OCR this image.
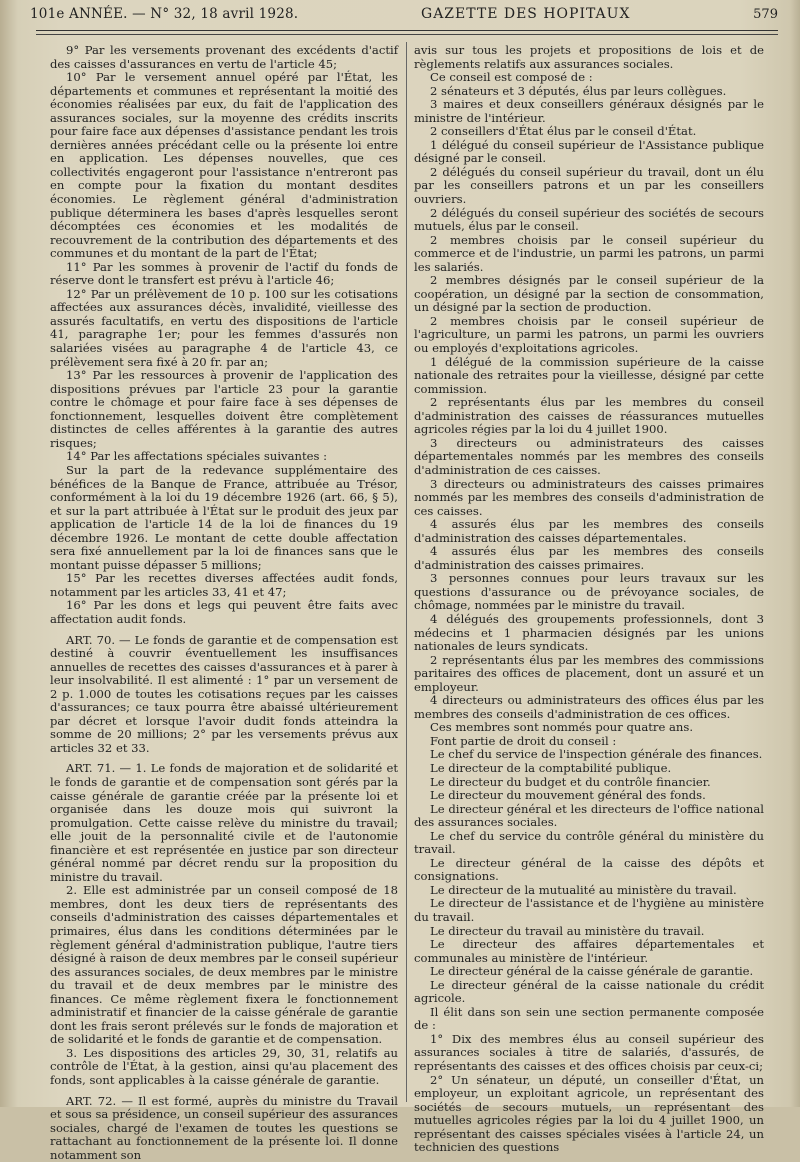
101e ANNÉE. — N° 32, 18 avril 1928.	GAZETTE DES HOPITAUX	579

9° Par les versements provenant des excédents d'actif des caisses d'assurances en vertu de l'article 45;

10° Par le versement annuel opéré par l'État, les départements et communes et représentant la moitié des économies réalisées par eux, du fait de l'application des assurances sociales, sur la moyenne des crédits inscrits pour faire face aux dépenses d'assistance pendant les trois dernières années précédant celle ou la présente loi entre en application. Les dépenses nouvelles, que ces collectivités engageront pour l'assistance n'entreront pas en compte pour la fixation du montant desdites économies. Le règlement général d'administration publique déterminera les bases d'après lesquelles seront décomptées ces économies et les modalités de recouvrement de la contribution des départements et des communes et du montant de la part de l'État;

11° Par les sommes à provenir de l'actif du fonds de réserve dont le transfert est prévu à l'article 46;

12° Par un prélèvement de 10 p. 100 sur les cotisations affectées aux assurances décès, invalidité, vieillesse des assurés facultatifs, en vertu des dispositions de l'article 41, paragraphe 1er; pour les femmes d'assurés non salariées visées au paragraphe 4 de l'article 43, ce prélèvement sera fixé à 20 fr. par an;

13° Par les ressources à provenir de l'application des dispositions prévues par l'article 23 pour la garantie contre le chômage et pour faire face à ses dépenses de fonctionnement, lesquelles doivent être complètement distinctes de celles afférentes à la garantie des autres risques;

14° Par les affectations spéciales suivantes :

Sur la part de la redevance supplémentaire des bénéfices de la Banque de France, attribuée au Trésor, conformément à la loi du 19 décembre 1926 (art. 66, § 5), et sur la part attribuée à l'État sur le produit des jeux par application de l'article 14 de la loi de finances du 19 décembre 1926. Le montant de cette double affectation sera fixé annuellement par la loi de finances sans que le montant puisse dépasser 5 millions;

15° Par les recettes diverses affectées audit fonds, notamment par les articles 33, 41 et 47;

16° Par les dons et legs qui peuvent être faits avec affectation audit fonds.

ART. 70. — Le fonds de garantie et de compensation est destiné à couvrir éventuellement les insuffisances annuelles de recettes des caisses d'assurances et à parer à leur insolvabilité. Il est alimenté : 1° par un versement de 2 p. 1.000 de toutes les cotisations reçues par les caisses d'assurances; ce taux pourra être abaissé ultérieurement par décret et lorsque l'avoir dudit fonds atteindra la somme de 20 millions; 2° par les versements prévus aux articles 32 et 33.

ART. 71. — 1. Le fonds de majoration et de solidarité et le fonds de garantie et de compensation sont gérés par la caisse générale de garantie créée par la présente loi et organisée dans les douze mois qui suivront la promulgation. Cette caisse relève du ministre du travail; elle jouit de la personnalité civile et de l'autonomie financière et est représentée en justice par son directeur général nommé par décret rendu sur la proposition du ministre du travail.

2. Elle est administrée par un conseil composé de 18 membres, dont les deux tiers de représentants des conseils d'administration des caisses départementales et primaires, élus dans les conditions déterminées par le règlement général d'administration publique, l'autre tiers désigné à raison de deux membres par le conseil supérieur des assurances sociales, de deux membres par le ministre du travail et de deux membres par le ministre des finances. Ce même règlement fixera le fonctionnement administratif et financier de la caisse générale de garantie dont les frais seront prélevés sur le fonds de majoration et de solidarité et le fonds de garantie et de compensation.

3. Les dispositions des articles 29, 30, 31, relatifs au contrôle de l'État, à la gestion, ainsi qu'au placement des fonds, sont applicables à la caisse générale de garantie.

ART. 72. — Il est formé, auprès du ministre du Travail et sous sa présidence, un conseil supérieur des assurances sociales, chargé de l'examen de toutes les questions se rattachant au fonctionnement de la présente loi. Il donne notamment son

avis sur tous les projets et propositions de lois et de règlements relatifs aux assurances sociales.

Ce conseil est composé de :

2 sénateurs et 3 députés, élus par leurs collègues.

3 maires et deux conseillers généraux désignés par le ministre de l'intérieur.

2 conseillers d'État élus par le conseil d'État.

1 délégué du conseil supérieur de l'Assistance publique désigné par le conseil.

2 délégués du conseil supérieur du travail, dont un élu par les conseillers patrons et un par les conseillers ouvriers.

2 délégués du conseil supérieur des sociétés de secours mutuels, élus par le conseil.

2 membres choisis par le conseil supérieur du commerce et de l'industrie, un parmi les patrons, un parmi les salariés.

2 membres désignés par le conseil supérieur de la coopération, un désigné par la section de consommation, un désigné par la section de production.

2 membres choisis par le conseil supérieur de l'agriculture, un parmi les patrons, un parmi les ouvriers ou employés d'exploitations agricoles.

1 délégué de la commission supérieure de la caisse nationale des retraites pour la vieillesse, désigné par cette commission.

2 représentants élus par les membres du conseil d'administration des caisses de réassurances mutuelles agricoles régies par la loi du 4 juillet 1900.

3 directeurs ou administrateurs des caisses départementales nommés par les membres des conseils d'administration de ces caisses.

3 directeurs ou administrateurs des caisses primaires nommés par les membres des conseils d'administration de ces caisses.

4 assurés élus par les membres des conseils d'administration des caisses départementales.

4 assurés élus par les membres des conseils d'administration des caisses primaires.

3 personnes connues pour leurs travaux sur les questions d'assurance ou de prévoyance sociales, de chômage, nommées par le ministre du travail.

4 délégués des groupements professionnels, dont 3 médecins et 1 pharmacien désignés par les unions nationales de leurs syndicats.

2 représentants élus par les membres des commissions paritaires des offices de placement, dont un assuré et un employeur.

4 directeurs ou administrateurs des offices élus par les membres des conseils d'administration de ces offices.

Ces membres sont nommés pour quatre ans.

Font partie de droit du conseil :

Le chef du service de l'inspection générale des finances.

Le directeur de la comptabilité publique.

Le directeur du budget et du contrôle financier.

Le directeur du mouvement général des fonds.

Le directeur général et les directeurs de l'office national des assurances sociales.

Le chef du service du contrôle général du ministère du travail.

Le directeur général de la caisse des dépôts et consignations.

Le directeur de la mutualité au ministère du travail.

Le directeur de l'assistance et de l'hygiène au ministère du travail.

Le directeur du travail au ministère du travail.

Le directeur des affaires départementales et communales au ministère de l'intérieur.

Le directeur général de la caisse générale de garantie.

Le directeur général de la caisse nationale du crédit agricole.

Il élit dans son sein une section permanente composée de :

1° Dix des membres élus au conseil supérieur des assurances sociales à titre de salariés, d'assurés, de représentants des caisses et des offices choisis par ceux-ci;

2° Un sénateur, un député, un conseiller d'État, un employeur, un exploitant agricole, un représentant des sociétés de secours mutuels, un représentant des mutuelles agricoles régies par la loi du 4 juillet 1900, un représentant des caisses spéciales visées à l'article 24, un technicien des questions
